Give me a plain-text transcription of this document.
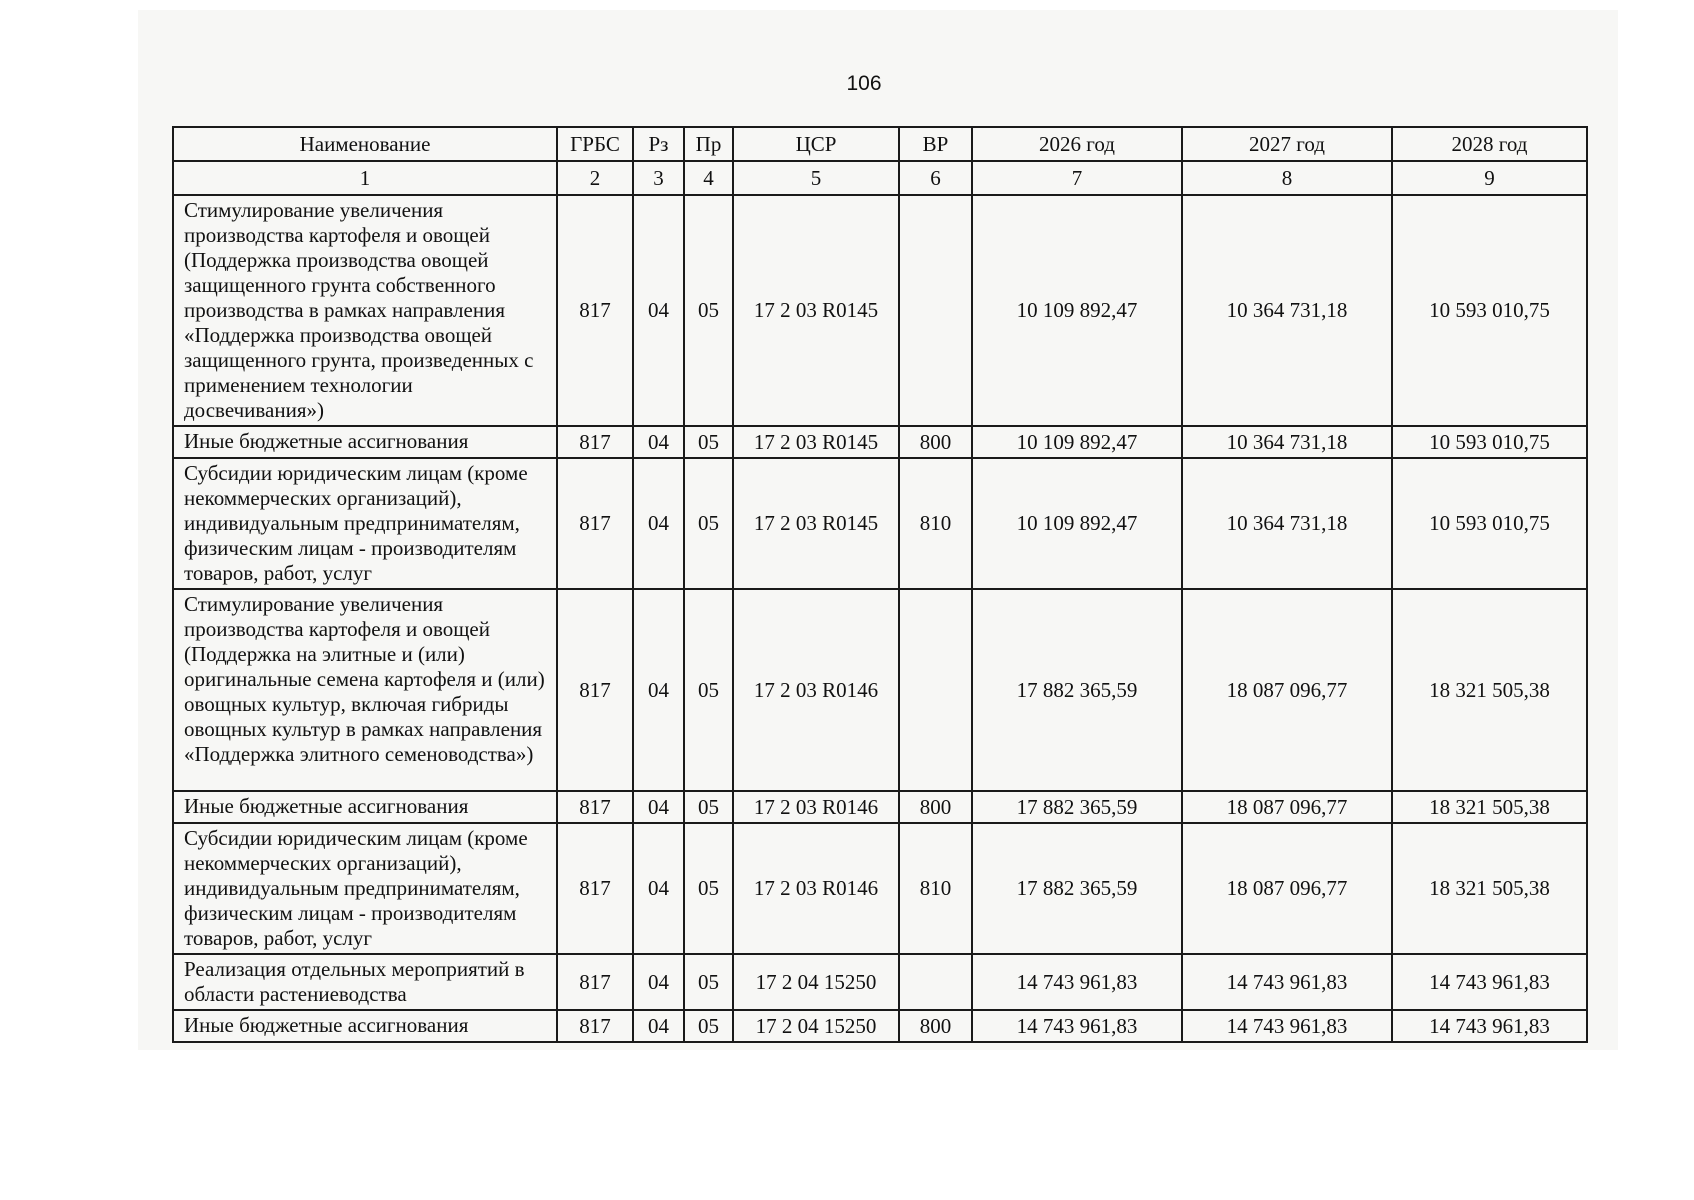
106
Наименование	ГРБС	Рз	Пр	ЦСР	ВР	2026 год	2027 год	2028 год
1	2	3	4	5	6	7	8	9
Стимулирование увеличения производства картофеля и овощей (Поддержка производства овощей защищенного грунта собственного производства в рамках направления «Поддержка производства овощей защищенного грунта, произведенных с применением технологии досвечивания»)	817	04	05	17 2 03 R0145		10 109 892,47	10 364 731,18	10 593 010,75
Иные бюджетные ассигнования	817	04	05	17 2 03 R0145	800	10 109 892,47	10 364 731,18	10 593 010,75
Субсидии юридическим лицам (кроме некоммерческих организаций), индивидуальным предпринимателям, физическим лицам - производителям товаров, работ, услуг	817	04	05	17 2 03 R0145	810	10 109 892,47	10 364 731,18	10 593 010,75
Стимулирование увеличения производства картофеля и овощей (Поддержка на элитные и (или) оригинальные семена картофеля и (или) овощных культур, включая гибриды овощных культур в рамках направления «Поддержка элитного семеноводства»)	817	04	05	17 2 03 R0146		17 882 365,59	18 087 096,77	18 321 505,38
Иные бюджетные ассигнования	817	04	05	17 2 03 R0146	800	17 882 365,59	18 087 096,77	18 321 505,38
Субсидии юридическим лицам (кроме некоммерческих организаций), индивидуальным предпринимателям, физическим лицам - производителям товаров, работ, услуг	817	04	05	17 2 03 R0146	810	17 882 365,59	18 087 096,77	18 321 505,38
Реализация отдельных мероприятий в области растениеводства	817	04	05	17 2 04 15250		14 743 961,83	14 743 961,83	14 743 961,83
Иные бюджетные ассигнования	817	04	05	17 2 04 15250	800	14 743 961,83	14 743 961,83	14 743 961,83
